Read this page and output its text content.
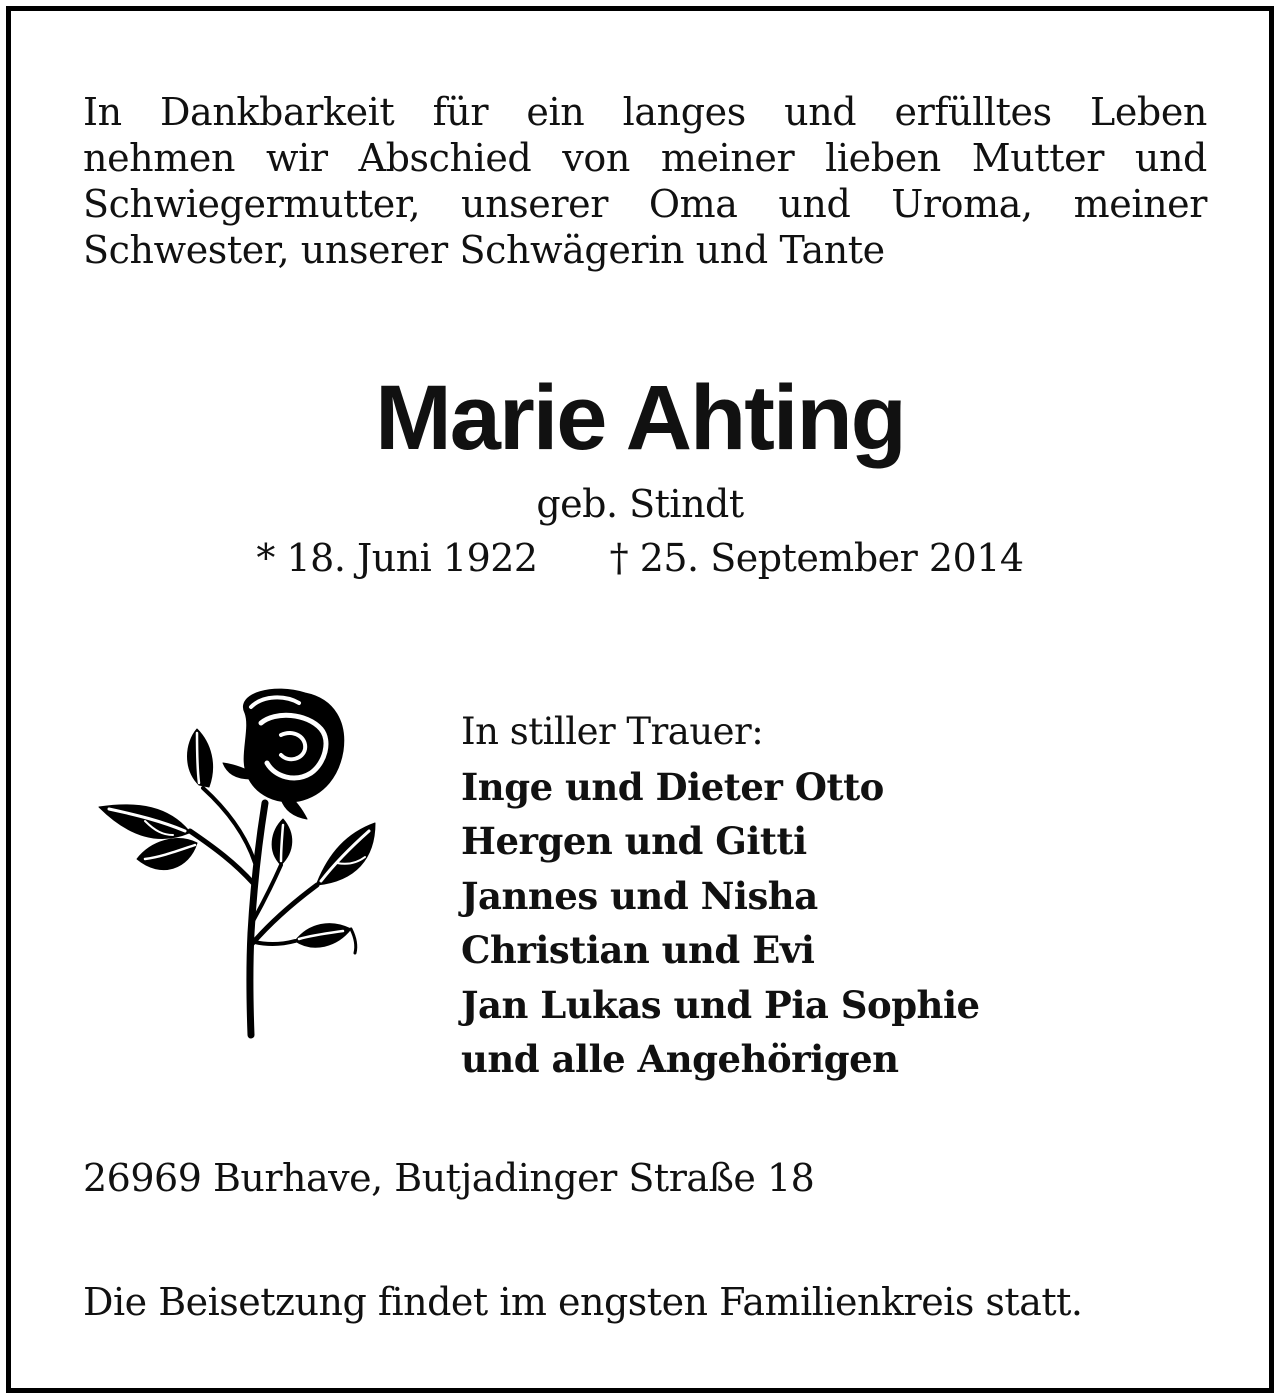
In Dankbarkeit für ein langes und erfülltes Leben
nehmen wir Abschied von meiner lieben Mutter und
Schwiegermutter, unserer Oma und Uroma, meiner
Schwester, unserer Schwägerin und Tante

Marie Ahting
geb. Stindt
* 18. Juni 1922 † 25. September 2014
In stiller Trauer:
Inge und Dieter Otto
Hergen und Gitti
Jannes und Nisha
Christian und Evi
Jan Lukas und Pia Sophie
und alle Angehörigen
26969 Burhave, Butjadinger Straße 18
Die Beisetzung findet im engsten Familienkreis statt.
